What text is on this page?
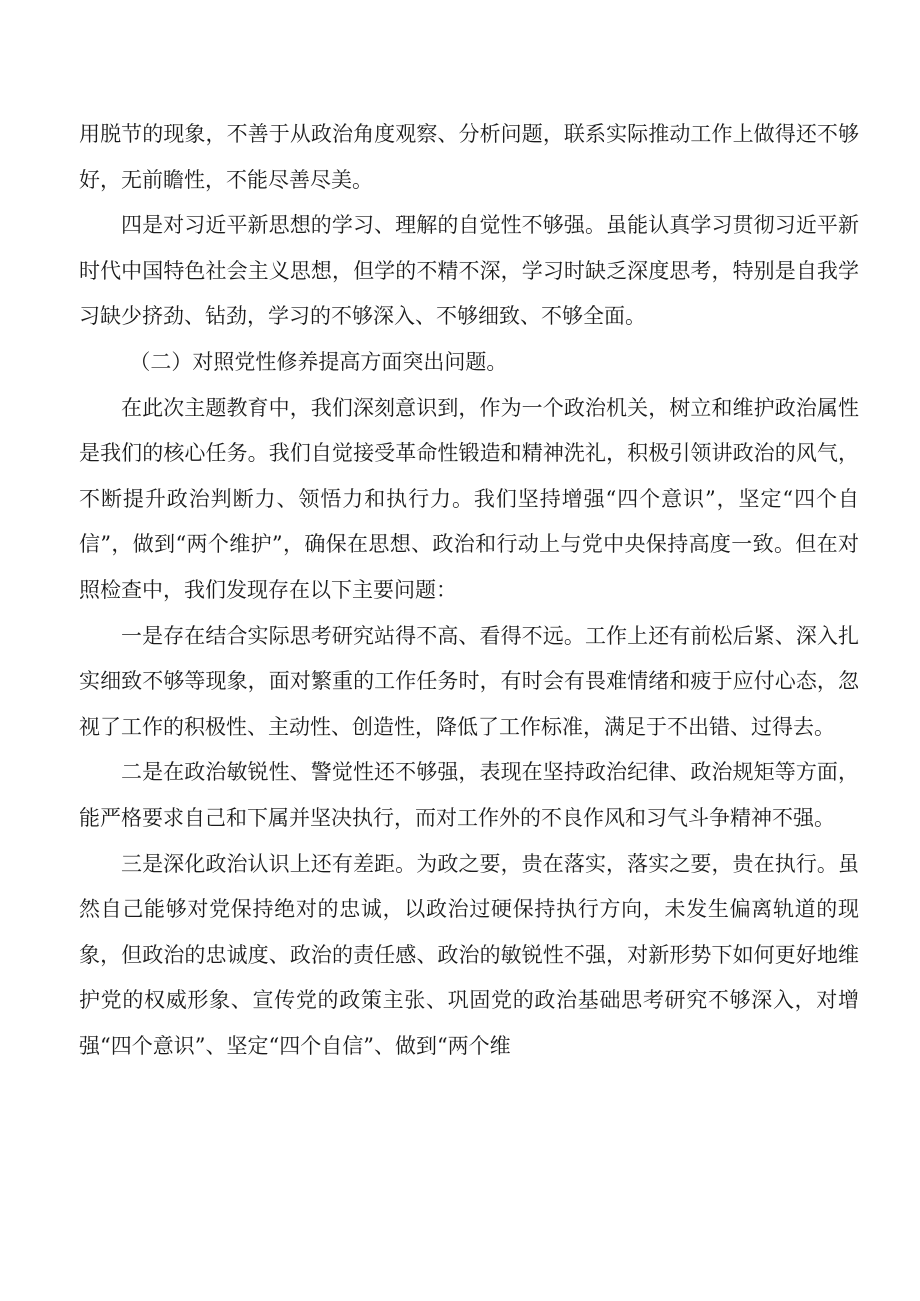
用脱节的现象，不善于从政治角度观察、分析问题，联系实际推动工作上做得还不够好，无前瞻性，不能尽善尽美。

四是对习近平新思想的学习、理解的自觉性不够强。虽能认真学习贯彻习近平新时代中国特色社会主义思想，但学的不精不深，学习时缺乏深度思考，特别是自我学习缺少挤劲、钻劲，学习的不够深入、不够细致、不够全面。

（二）对照党性修养提高方面突出问题。

在此次主题教育中，我们深刻意识到，作为一个政治机关，树立和维护政治属性是我们的核心任务。我们自觉接受革命性锻造和精神洗礼，积极引领讲政治的风气，不断提升政治判断力、领悟力和执行力。我们坚持增强“四个意识”，坚定“四个自信”，做到“两个维护”，确保在思想、政治和行动上与党中央保持高度一致。但在对照检查中，我们发现存在以下主要问题：

一是存在结合实际思考研究站得不高、看得不远。工作上还有前松后紧、深入扎实细致不够等现象，面对繁重的工作任务时，有时会有畏难情绪和疲于应付心态，忽视了工作的积极性、主动性、创造性，降低了工作标准，满足于不出错、过得去。

二是在政治敏锐性、警觉性还不够强，表现在坚持政治纪律、政治规矩等方面，能严格要求自己和下属并坚决执行，而对工作外的不良作风和习气斗争精神不强。

三是深化政治认识上还有差距。为政之要，贵在落实，落实之要，贵在执行。虽然自己能够对党保持绝对的忠诚，以政治过硬保持执行方向，未发生偏离轨道的现象，但政治的忠诚度、政治的责任感、政治的敏锐性不强，对新形势下如何更好地维护党的权威形象、宣传党的政策主张、巩固党的政治基础思考研究不够深入，对增强“四个意识”、坚定“四个自信”、做到“两个维
